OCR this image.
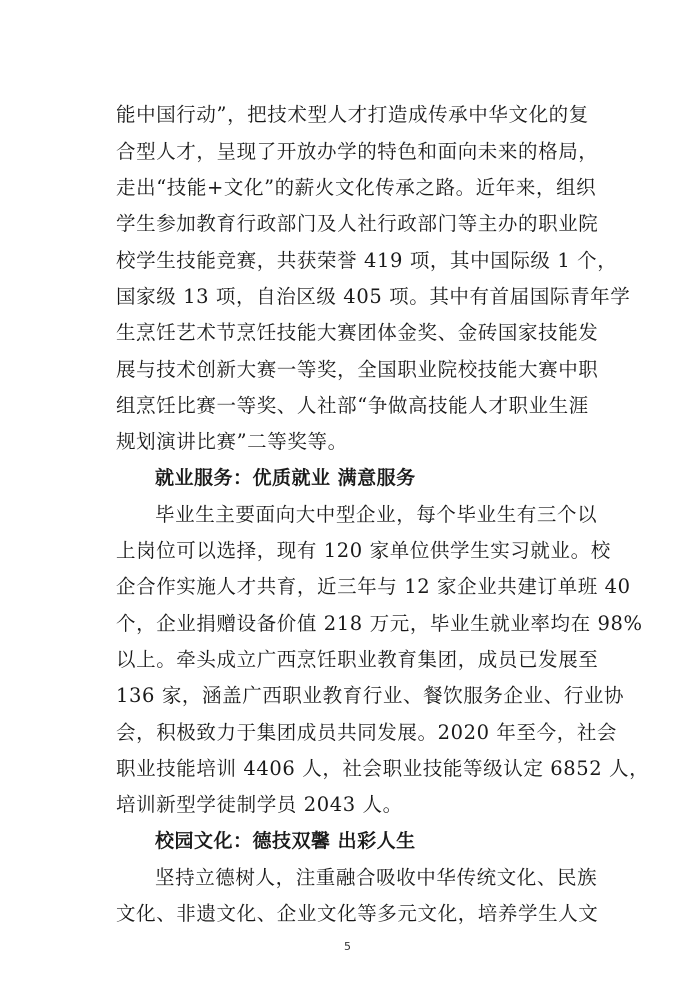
能中国行动”，把技术型人才打造成传承中华文化的复
合型人才，呈现了开放办学的特色和面向未来的格局，
走出“技能+文化”的薪火文化传承之路。近年来，组织
学生参加教育行政部门及人社行政部门等主办的职业院
校学生技能竞赛，共获荣誉 419 项，其中国际级 1 个，
国家级 13 项，自治区级 405 项。其中有首届国际青年学
生烹饪艺术节烹饪技能大赛团体金奖、金砖国家技能发
展与技术创新大赛一等奖，全国职业院校技能大赛中职
组烹饪比赛一等奖、人社部“争做高技能人才职业生涯
规划演讲比赛”二等奖等。
就业服务：优质就业 满意服务
毕业生主要面向大中型企业，每个毕业生有三个以
上岗位可以选择，现有 120 家单位供学生实习就业。校
企合作实施人才共育，近三年与 12 家企业共建订单班 40
个，企业捐赠设备价值 218 万元，毕业生就业率均在 98%
以上。牵头成立广西烹饪职业教育集团，成员已发展至
136 家，涵盖广西职业教育行业、餐饮服务企业、行业协
会，积极致力于集团成员共同发展。2020 年至今，社会
职业技能培训 4406 人，社会职业技能等级认定 6852 人，
培训新型学徒制学员 2043 人。
校园文化：德技双馨 出彩人生
坚持立德树人，注重融合吸收中华传统文化、民族
文化、非遗文化、企业文化等多元文化，培养学生人文
5
